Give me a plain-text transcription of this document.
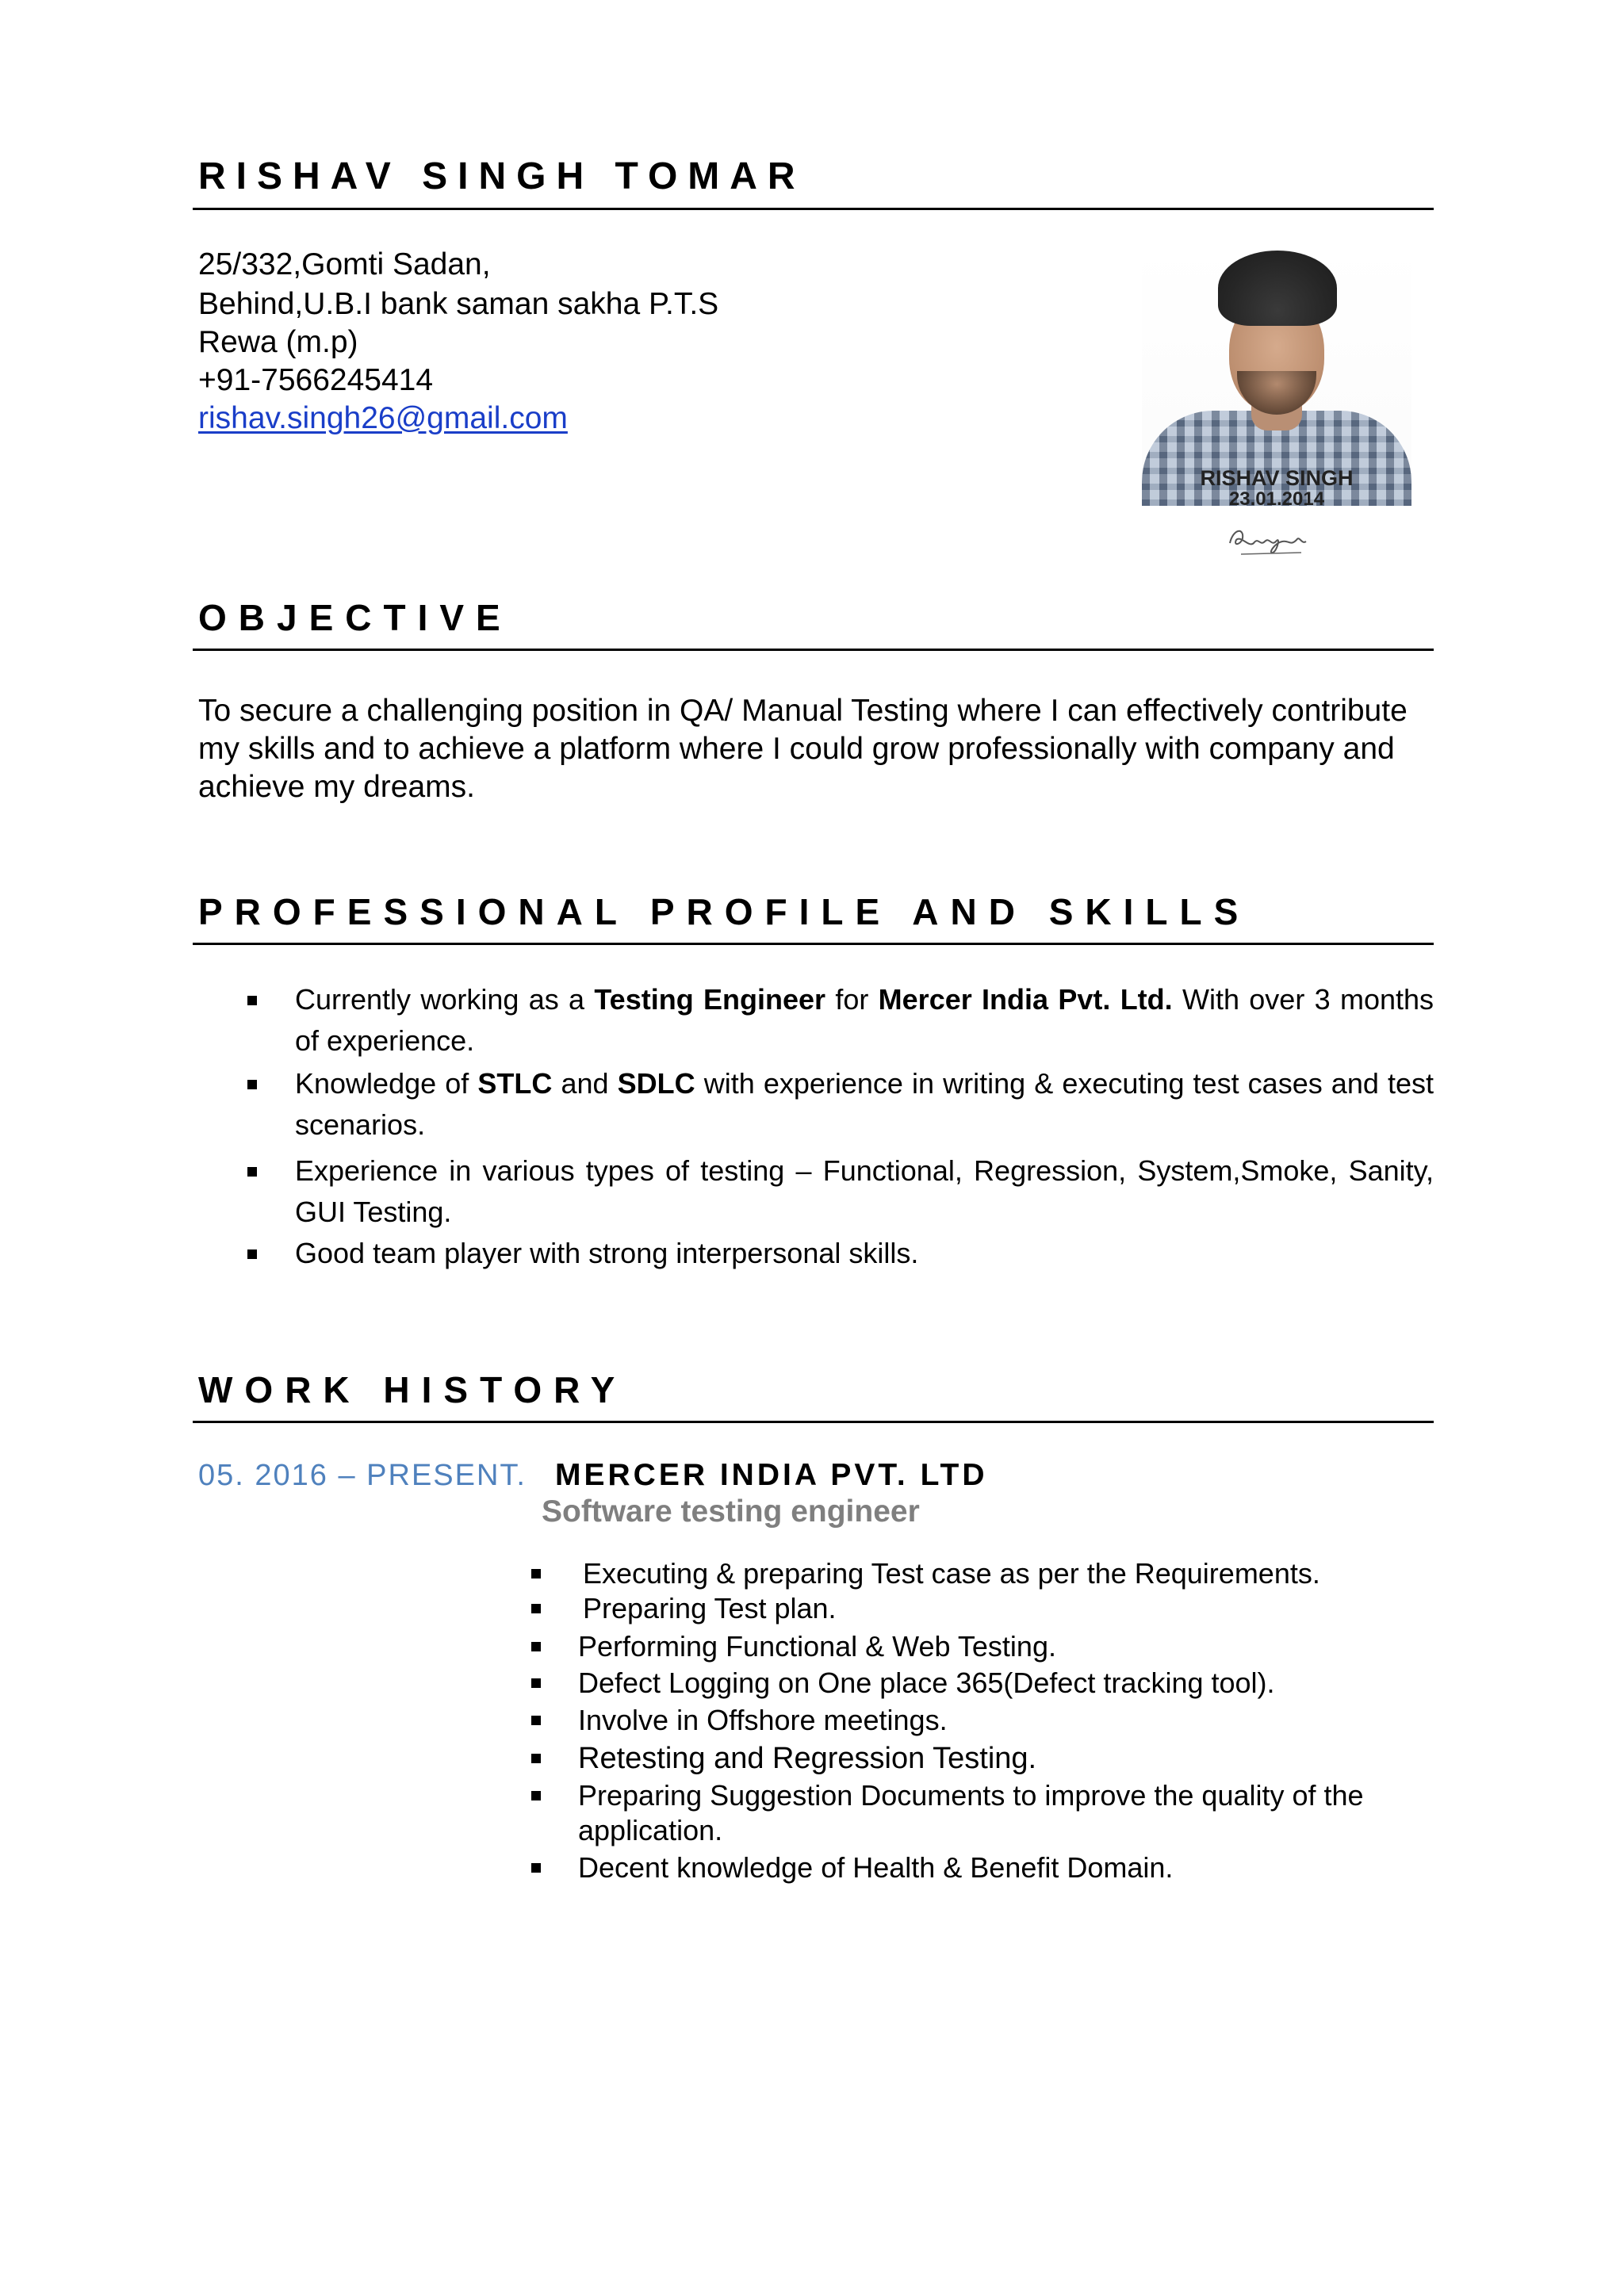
RISHAV SINGH TOMAR
25/332,Gomti Sadan,
Behind,U.B.I bank saman sakha P.T.S
Rewa (m.p)
+91-7566245414
rishav.singh26@gmail.com
RISHAV SINGH
23.01.2014
OBJECTIVE
To secure a challenging position in QA/ Manual Testing where I can effectively contribute my skills and to achieve a platform where I could grow professionally with company and achieve my dreams.
PROFESSIONAL PROFILE AND SKILLS
Currently working as a Testing Engineer for Mercer India Pvt. Ltd. With over 3 months of experience.
Knowledge of STLC and SDLC with experience in writing & executing test cases and test scenarios.
Experience in various types of testing – Functional, Regression, System,Smoke, Sanity, GUI Testing.
Good team player with strong interpersonal skills.
WORK HISTORY
05. 2016 – PRESENT. MERCER INDIA PVT. LTD
Software testing engineer
Executing & preparing Test case as per the Requirements.
Preparing Test plan.
Performing Functional & Web Testing.
Defect Logging on One place 365(Defect tracking tool).
Involve in Offshore meetings.
Retesting and Regression Testing.
Preparing Suggestion Documents to improve the quality of the application.
Decent knowledge of Health & Benefit Domain.
